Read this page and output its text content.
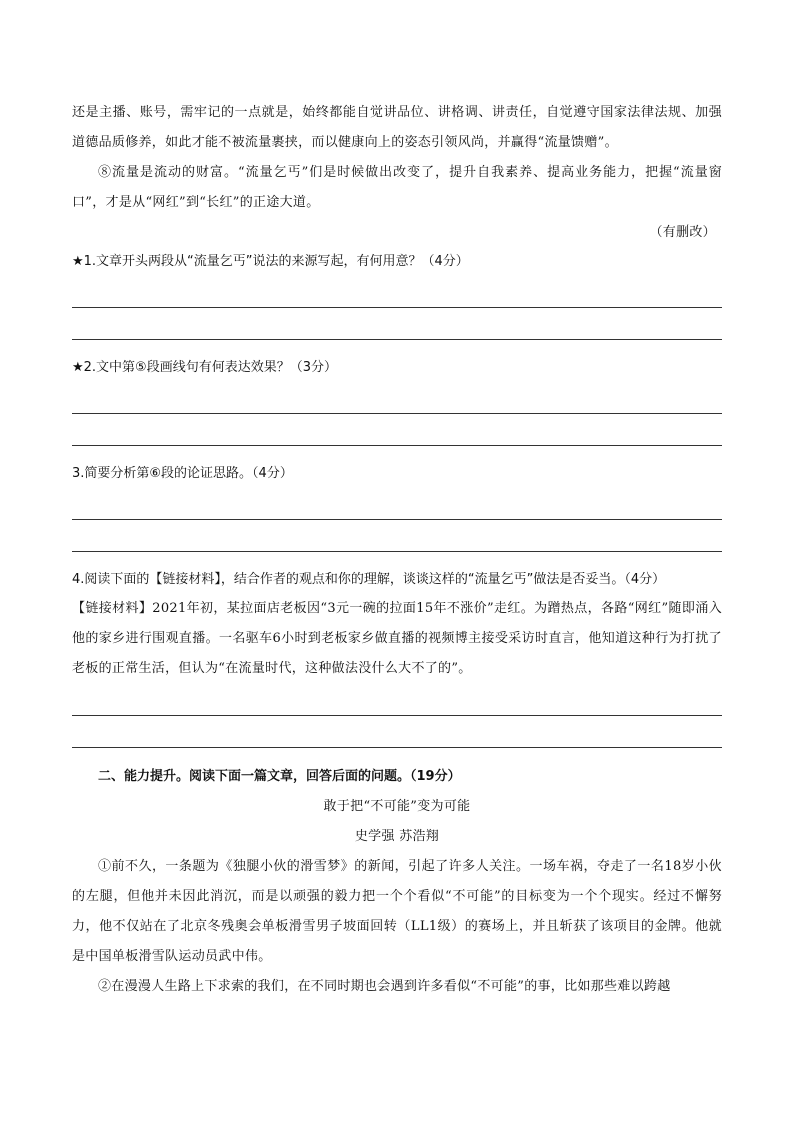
还是主播、账号，需牢记的一点就是，始终都能自觉讲品位、讲格调、讲责任，自觉遵守国家法律法规、加强道德品质修养，如此才能不被流量裹挟，而以健康向上的姿态引领风尚，并赢得“流量馈赠”。

⑧流量是流动的财富。“流量乞丐”们是时候做出改变了，提升自我素养、提高业务能力，把握“流量窗口”，才是从“网红”到“长红”的正途大道。

（有删改）

★1.文章开头两段从“流量乞丐”说法的来源写起，有何用意？（4分）

★2.文中第⑤段画线句有何表达效果？（3分）

3.简要分析第⑥段的论证思路。（4分）

4.阅读下面的【链接材料】，结合作者的观点和你的理解，谈谈这样的“流量乞丐”做法是否妥当。（4分）

【链接材料】2021年初，某拉面店老板因“3元一碗的拉面15年不涨价”走红。为蹭热点，各路“网红”随即涌入他的家乡进行围观直播。一名驱车6小时到老板家乡做直播的视频博主接受采访时直言，他知道这种行为打扰了老板的正常生活，但认为“在流量时代，这种做法没什么大不了的”。

二、能力提升。阅读下面一篇文章，回答后面的问题。（19分）

敢于把“不可能”变为可能

史学强 苏浩翔

①前不久，一条题为《独腿小伙的滑雪梦》的新闻，引起了许多人关注。一场车祸，夺走了一名18岁小伙的左腿，但他并未因此消沉，而是以顽强的毅力把一个个看似“不可能”的目标变为一个个现实。经过不懈努力，他不仅站在了北京冬残奥会单板滑雪男子坡面回转（LL1级）的赛场上，并且斩获了该项目的金牌。他就是中国单板滑雪队运动员武中伟。

②在漫漫人生路上下求索的我们，在不同时期也会遇到许多看似“不可能”的事，比如那些难以跨越
